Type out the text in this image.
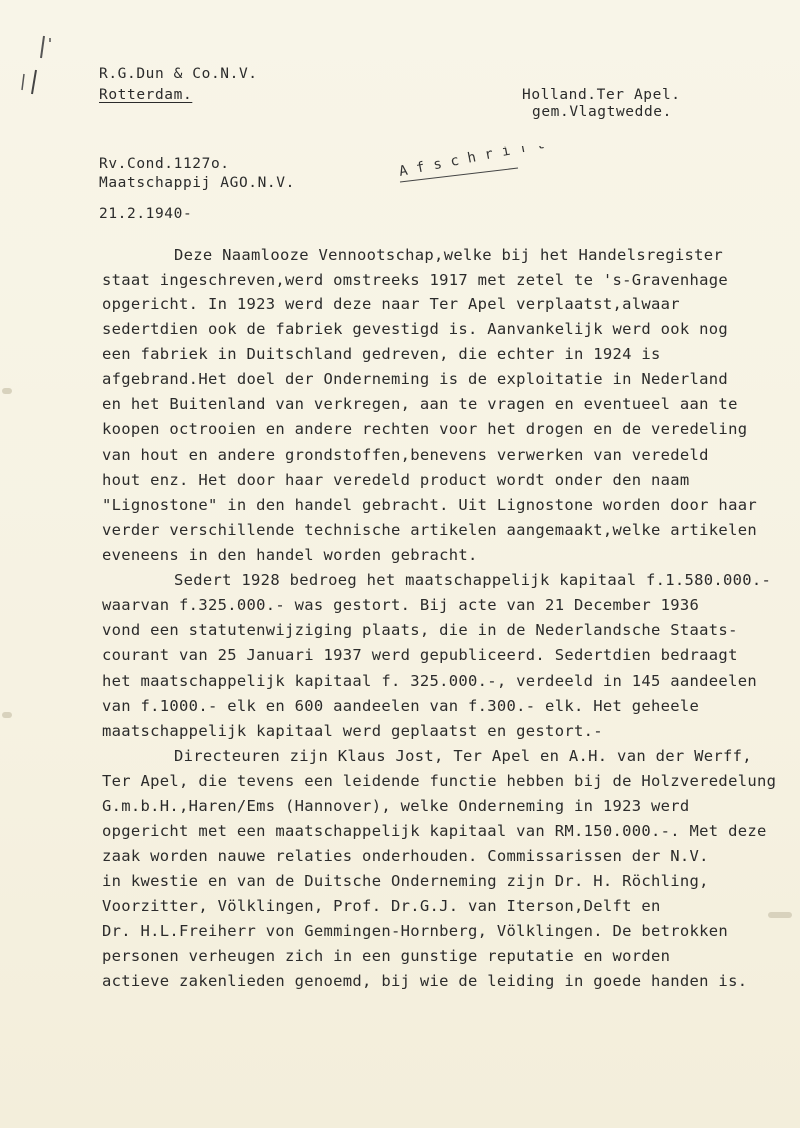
R.G.Dun & Co.N.V.
Rotterdam.	Holland.Ter Apel.
gem.Vlagtwedde.
Rv.Cond.1127o.
Maatschappij AGO.N.V.
21.2.1940-
Afschrift.
Deze Naamlooze Vennootschap,welke bij het Handelsregister
staat ingeschreven,werd omstreeks 1917 met zetel te 's-Gravenhage
opgericht. In 1923 werd deze naar Ter Apel verplaatst,alwaar
sedertdien ook de fabriek gevestigd is. Aanvankelijk werd ook nog
een fabriek in Duitschland gedreven, die echter in 1924 is
afgebrand.Het doel der Onderneming is de exploitatie in Nederland
en het Buitenland van verkregen, aan te vragen en eventueel aan te
koopen octrooien en andere rechten voor het drogen en de veredeling
van hout en andere grondstoffen,benevens verwerken van veredeld
hout enz. Het door haar veredeld product wordt onder den naam
"Lignostone" in den handel gebracht. Uit Lignostone worden door haar
verder verschillende technische artikelen aangemaakt,welke artikelen
eveneens in den handel worden gebracht.
Sedert 1928 bedroeg het maatschappelijk kapitaal f.1.580.000.-
waarvan f.325.000.- was gestort. Bij acte van 21 December 1936
vond een statutenwijziging plaats, die in de Nederlandsche Staats-
courant van 25 Januari 1937 werd gepubliceerd. Sedertdien bedraagt
het maatschappelijk kapitaal f. 325.000.-, verdeeld in 145 aandeelen
van f.1000.- elk en 600 aandeelen van f.300.- elk. Het geheele
maatschappelijk kapitaal werd geplaatst en gestort.-
Directeuren zijn Klaus Jost, Ter Apel en A.H. van der Werff,
Ter Apel, die tevens een leidende functie hebben bij de Holzveredelung
G.m.b.H.,Haren/Ems (Hannover), welke Onderneming in 1923 werd
opgericht met een maatschappelijk kapitaal van RM.150.000.-. Met deze
zaak worden nauwe relaties onderhouden. Commissarissen der N.V.
in kwestie en van de Duitsche Onderneming zijn Dr. H. Röchling,
Voorzitter, Völklingen, Prof. Dr.G.J. van Iterson,Delft en
Dr. H.L.Freiherr von Gemmingen-Hornberg, Völklingen. De betrokken
personen verheugen zich in een gunstige reputatie en worden
actieve zakenlieden genoemd, bij wie de leiding in goede handen is.
